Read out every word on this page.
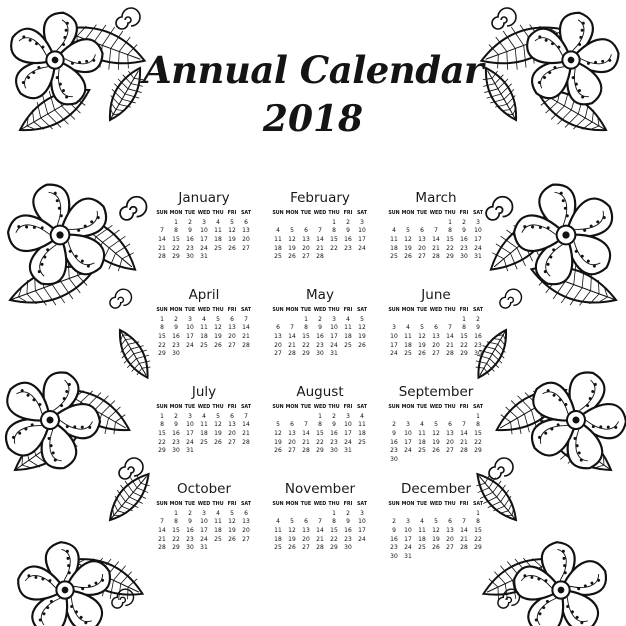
Annual Calendar
2018
January
SUN	MON	TUE	WED	THU	FRI	SAT
	1	2	3	4	5	6
7	8	9	10	11	12	13
14	15	16	17	18	19	20
21	22	23	24	25	26	27
28	29	30	31			
February
SUN	MON	TUE	WED	THU	FRI	SAT
				1	2	3
4	5	6	7	8	9	10
11	12	13	14	15	16	17
18	19	20	21	22	23	24
25	26	27	28			
March
SUN	MON	TUE	WED	THU	FRI	SAT
				1	2	3
4	5	6	7	8	9	10
11	12	13	14	15	16	17
18	19	20	21	22	23	24
25	26	27	28	29	30	31
April
SUN	MON	TUE	WED	THU	FRI	SAT
1	2	3	4	5	6	7
8	9	10	11	12	13	14
15	16	17	18	19	20	21
22	23	24	25	26	27	28
29	30					
May
SUN	MON	TUE	WED	THU	FRI	SAT
		1	2	3	4	5
6	7	8	9	10	11	12
13	14	15	16	17	18	19
20	21	22	23	24	25	26
27	28	29	30	31		
June
SUN	MON	TUE	WED	THU	FRI	SAT
					1	2
3	4	5	6	7	8	9
10	11	12	13	14	15	16
17	18	19	20	21	22	23
24	25	26	27	28	29	30
July
SUN	MON	TUE	WED	THU	FRI	SAT
1	2	3	4	5	6	7
8	9	10	11	12	13	14
15	16	17	18	19	20	21
22	23	24	25	26	27	28
29	30	31				
August
SUN	MON	TUE	WED	THU	FRI	SAT
			1	2	3	4
5	6	7	8	9	10	11
12	13	14	15	16	17	18
19	20	21	22	23	24	25
26	27	28	29	30	31	
September
SUN	MON	TUE	WED	THU	FRI	SAT
						1
2	3	4	5	6	7	8
9	10	11	12	13	14	15
16	17	18	19	20	21	22
23	24	25	26	27	28	29
30						
October
SUN	MON	TUE	WED	THU	FRI	SAT
	1	2	3	4	5	6
7	8	9	10	11	12	13
14	15	16	17	18	19	20
21	22	23	24	25	26	27
28	29	30	31			
November
SUN	MON	TUE	WED	THU	FRI	SAT
				1	2	3
4	5	6	7	8	9	10
11	12	13	14	15	16	17
18	19	20	21	22	23	24
25	26	27	28	29	30	
December
SUN	MON	TUE	WED	THU	FRI	SAT
						1
2	3	4	5	6	7	8
9	10	11	12	13	14	15
16	17	18	19	20	21	22
23	24	25	26	27	28	29
30	31					
